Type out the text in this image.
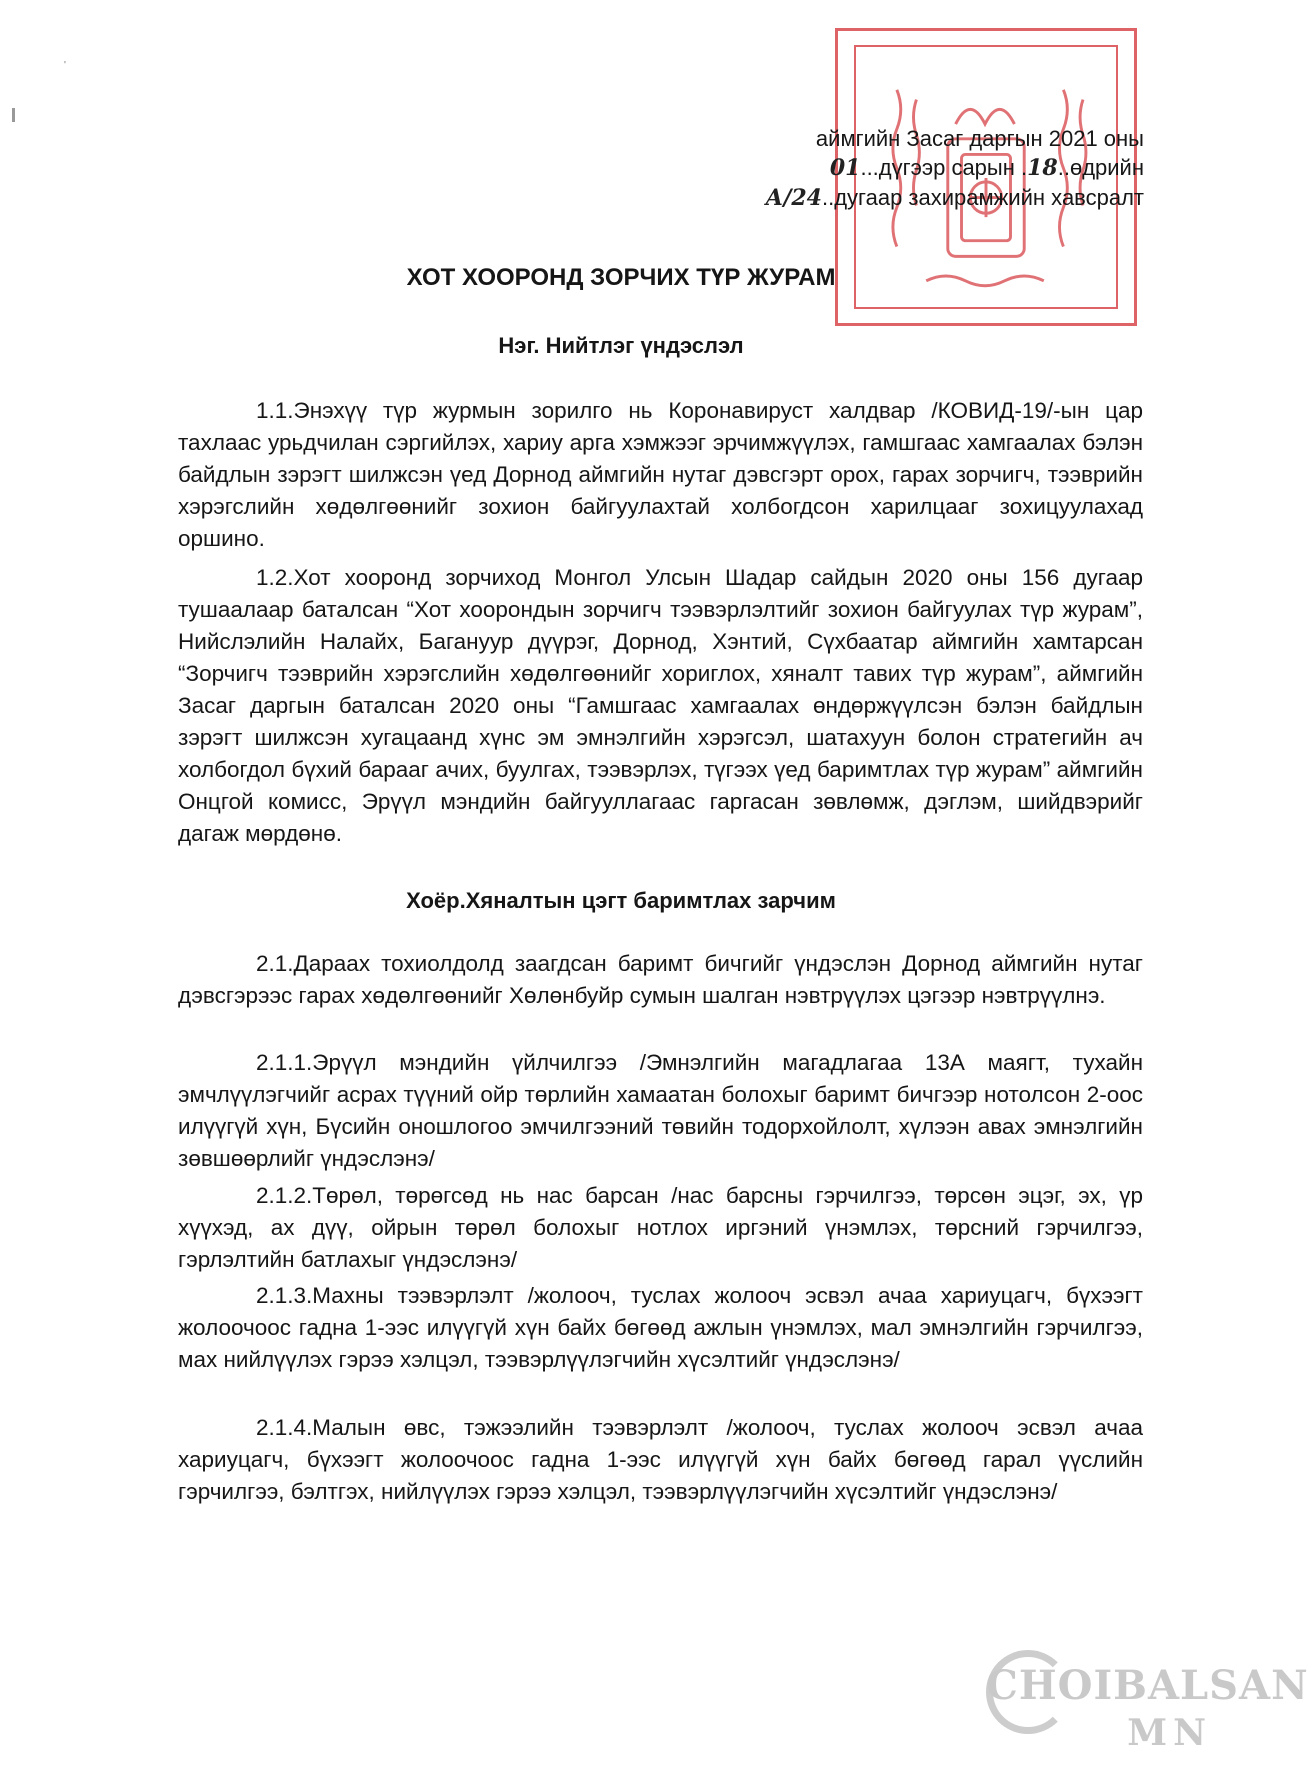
'
аймгийн Засаг даргын 2021 оны
01...дүгээр сарын .18..өдрийн
А/24..дугаар захирамжийн хавсралт
ХОТ ХООРОНД ЗОРЧИХ ТҮР ЖУРАМ
Нэг. Нийтлэг үндэслэл
1.1.Энэхүү түр журмын зорилго нь Коронавируст халдвар /КОВИД-19/-ын цар тахлаас урьдчилан сэргийлэх, хариу арга хэмжээг эрчимжүүлэх, гамшгаас хамгаалах бэлэн байдлын зэрэгт шилжсэн үед Дорнод аймгийн нутаг дэвсгэрт орох, гарах зорчигч, тээврийн хэрэгслийн хөдөлгөөнийг зохион байгуулахтай холбогдсон харилцааг зохицуулахад оршино.
1.2.Хот хооронд зорчиход Монгол Улсын Шадар сайдын 2020 оны 156 дугаар тушаалаар баталсан “Хот хоорондын зорчигч тээвэрлэлтийг зохион байгуулах түр журам”, Нийслэлийн Налайх, Багануур дүүрэг, Дорнод, Хэнтий, Сүхбаатар аймгийн хамтарсан “Зорчигч тээврийн хэрэгслийн хөдөлгөөнийг хориглох, хяналт тавих түр журам”, аймгийн Засаг даргын баталсан 2020 оны “Гамшгаас хамгаалах өндөржүүлсэн бэлэн байдлын зэрэгт шилжсэн хугацаанд хүнс эм эмнэлгийн хэрэгсэл, шатахуун болон стратегийн ач холбогдол бүхий барааг ачих, буулгах, тээвэрлэх, түгээх үед баримтлах түр журам” аймгийн Онцгой комисс, Эрүүл мэндийн байгууллагаас гаргасан зөвлөмж, дэглэм, шийдвэрийг дагаж мөрдөнө.
Хоёр.Хяналтын цэгт баримтлах зарчим
2.1.Дараах тохиолдолд заагдсан баримт бичгийг үндэслэн Дорнод аймгийн нутаг дэвсгэрээс гарах хөдөлгөөнийг Хөлөнбуйр сумын шалган нэвтрүүлэх цэгээр нэвтрүүлнэ.
2.1.1.Эрүүл мэндийн үйлчилгээ /Эмнэлгийн магадлагаа 13А маягт, тухайн эмчлүүлэгчийг асрах түүний ойр төрлийн хамаатан болохыг баримт бичгээр нотолсон 2-оос илүүгүй хүн, Бүсийн оношлогоо эмчилгээний төвийн тодорхойлолт, хүлээн авах эмнэлгийн зөвшөөрлийг үндэслэнэ/
2.1.2.Төрөл, төрөгсөд нь нас барсан /нас барсны гэрчилгээ, төрсөн эцэг, эх, үр хүүхэд, ах дүү, ойрын төрөл болохыг нотлох иргэний үнэмлэх, төрсний гэрчилгээ, гэрлэлтийн батлахыг үндэслэнэ/
2.1.3.Махны тээвэрлэлт /жолооч, туслах жолооч эсвэл ачаа хариуцагч, бүхээгт жолоочоос гадна 1-ээс илүүгүй хүн байх бөгөөд ажлын үнэмлэх, мал эмнэлгийн гэрчилгээ, мах нийлүүлэх гэрээ хэлцэл, тээвэрлүүлэгчийн хүсэлтийг үндэслэнэ/
2.1.4.Малын өвс, тэжээлийн тээвэрлэлт /жолооч, туслах жолооч эсвэл ачаа хариуцагч, бүхээгт жолоочоос гадна 1-ээс илүүгүй хүн байх бөгөөд гарал үүслийн гэрчилгээ, бэлтгэх, нийлүүлэх гэрээ хэлцэл, тээвэрлүүлэгчийн хүсэлтийг үндэслэнэ/
CHOIBALSAN
MN
